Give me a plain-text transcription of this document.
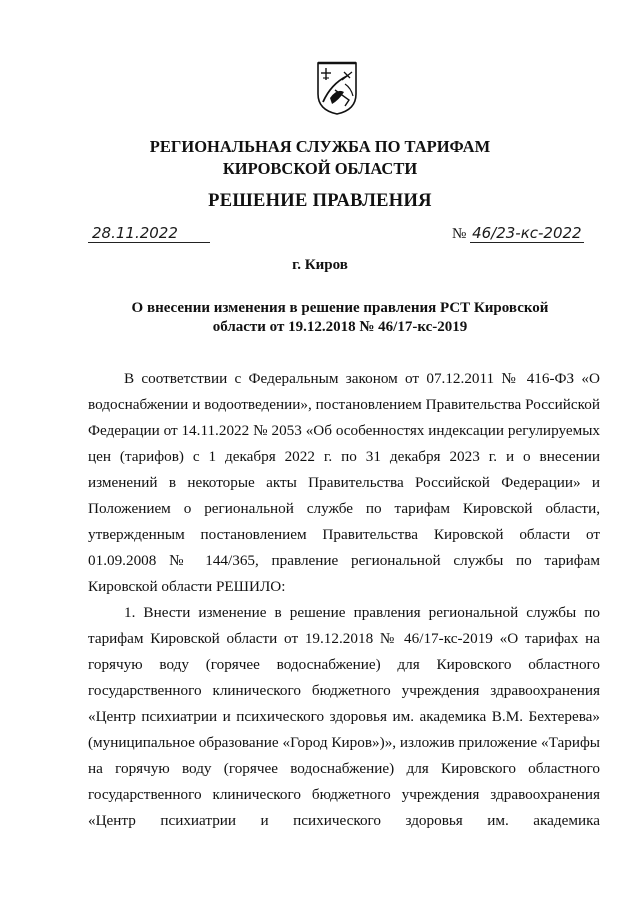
РЕГИОНАЛЬНАЯ СЛУЖБА ПО ТАРИФАМ
КИРОВСКОЙ ОБЛАСТИ
РЕШЕНИЕ ПРАВЛЕНИЯ
28.11.2022	№ 46/23-кс-2022
г. Киров
О внесении изменения в решение правления РСТ Кировской
области от 19.12.2018 № 46/17-кс-2019

В соответствии с Федеральным законом от 07.12.2011 № 416-ФЗ «О водоснабжении и водоотведении», постановлением Правительства Российской Федерации от 14.11.2022 № 2053 «Об особенностях индексации регулируемых цен (тарифов) с 1 декабря 2022 г. по 31 декабря 2023 г. и о внесении изменений в некоторые акты Правительства Российской Федерации» и Положением о региональной службе по тарифам Кировской области, утвержденным постановлением Правительства Кировской области от 01.09.2008 № 144/365, правление региональной службы по тарифам Кировской области РЕШИЛО:

1. Внести изменение в решение правления региональной службы по тарифам Кировской области от 19.12.2018 № 46/17-кс-2019 «О тарифах на горячую воду (горячее водоснабжение) для Кировского областного государственного клинического бюджетного учреждения здравоохранения «Центр психиатрии и психического здоровья им. академика В.М. Бехтерева» (муниципальное образование «Город Киров»)», изложив приложение «Тарифы на горячую воду (горячее водоснабжение) для Кировского областного государственного клинического бюджетного учреждения здравоохранения «Центр психиатрии и психического здоровья им. академика
